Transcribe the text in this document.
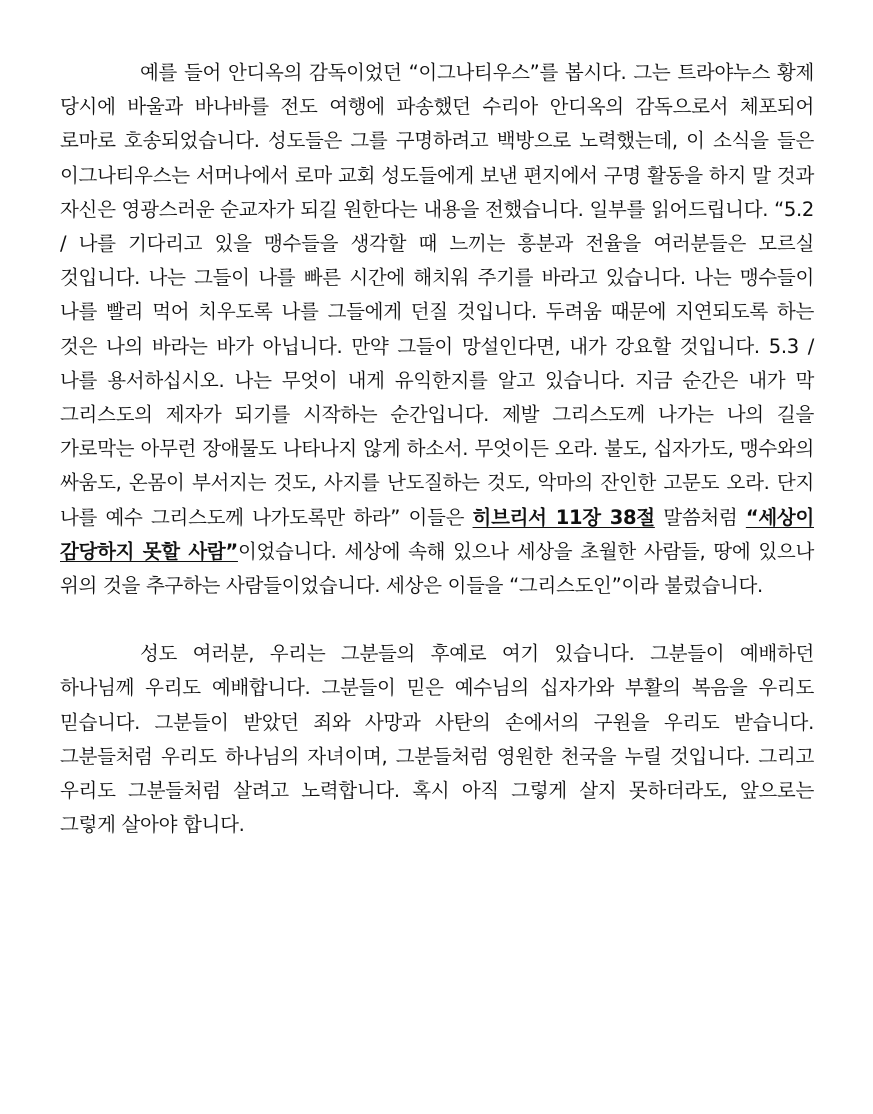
예를 들어 안디옥의 감독이었던 “이그나티우스”를 봅시다. 그는 트라야누스 황제 당시에 바울과 바나바를 전도 여행에 파송했던 수리아 안디옥의 감독으로서 체포되어 로마로 호송되었습니다. 성도들은 그를 구명하려고 백방으로 노력했는데, 이 소식을 들은 이그나티우스는 서머나에서 로마 교회 성도들에게 보낸 편지에서 구명 활동을 하지 말 것과 자신은 영광스러운 순교자가 되길 원한다는 내용을 전했습니다. 일부를 읽어드립니다. “5.2 / 나를 기다리고 있을 맹수들을 생각할 때 느끼는 흥분과 전율을 여러분들은 모르실 것입니다. 나는 그들이 나를 빠른 시간에 해치워 주기를 바라고 있습니다. 나는 맹수들이 나를 빨리 먹어 치우도록 나를 그들에게 던질 것입니다. 두려움 때문에 지연되도록 하는 것은 나의 바라는 바가 아닙니다. 만약 그들이 망설인다면, 내가 강요할 것입니다. 5.3 / 나를 용서하십시오. 나는 무엇이 내게 유익한지를 알고 있습니다. 지금 순간은 내가 막 그리스도의 제자가 되기를 시작하는 순간입니다. 제발 그리스도께 나가는 나의 길을 가로막는 아무런 장애물도 나타나지 않게 하소서. 무엇이든 오라. 불도, 십자가도, 맹수와의 싸움도, 온몸이 부서지는 것도, 사지를 난도질하는 것도, 악마의 잔인한 고문도 오라. 단지 나를 예수 그리스도께 나가도록만 하라” 이들은 히브리서 11장 38절 말씀처럼 “세상이 감당하지 못할 사람”이었습니다. 세상에 속해 있으나 세상을 초월한 사람들, 땅에 있으나 위의 것을 추구하는 사람들이었습니다. 세상은 이들을 “그리스도인”이라 불렀습니다.

성도 여러분, 우리는 그분들의 후예로 여기 있습니다. 그분들이 예배하던 하나님께 우리도 예배합니다. 그분들이 믿은 예수님의 십자가와 부활의 복음을 우리도 믿습니다. 그분들이 받았던 죄와 사망과 사탄의 손에서의 구원을 우리도 받습니다. 그분들처럼 우리도 하나님의 자녀이며, 그분들처럼 영원한 천국을 누릴 것입니다. 그리고 우리도 그분들처럼 살려고 노력합니다. 혹시 아직 그렇게 살지 못하더라도, 앞으로는 그렇게 살아야 합니다.
